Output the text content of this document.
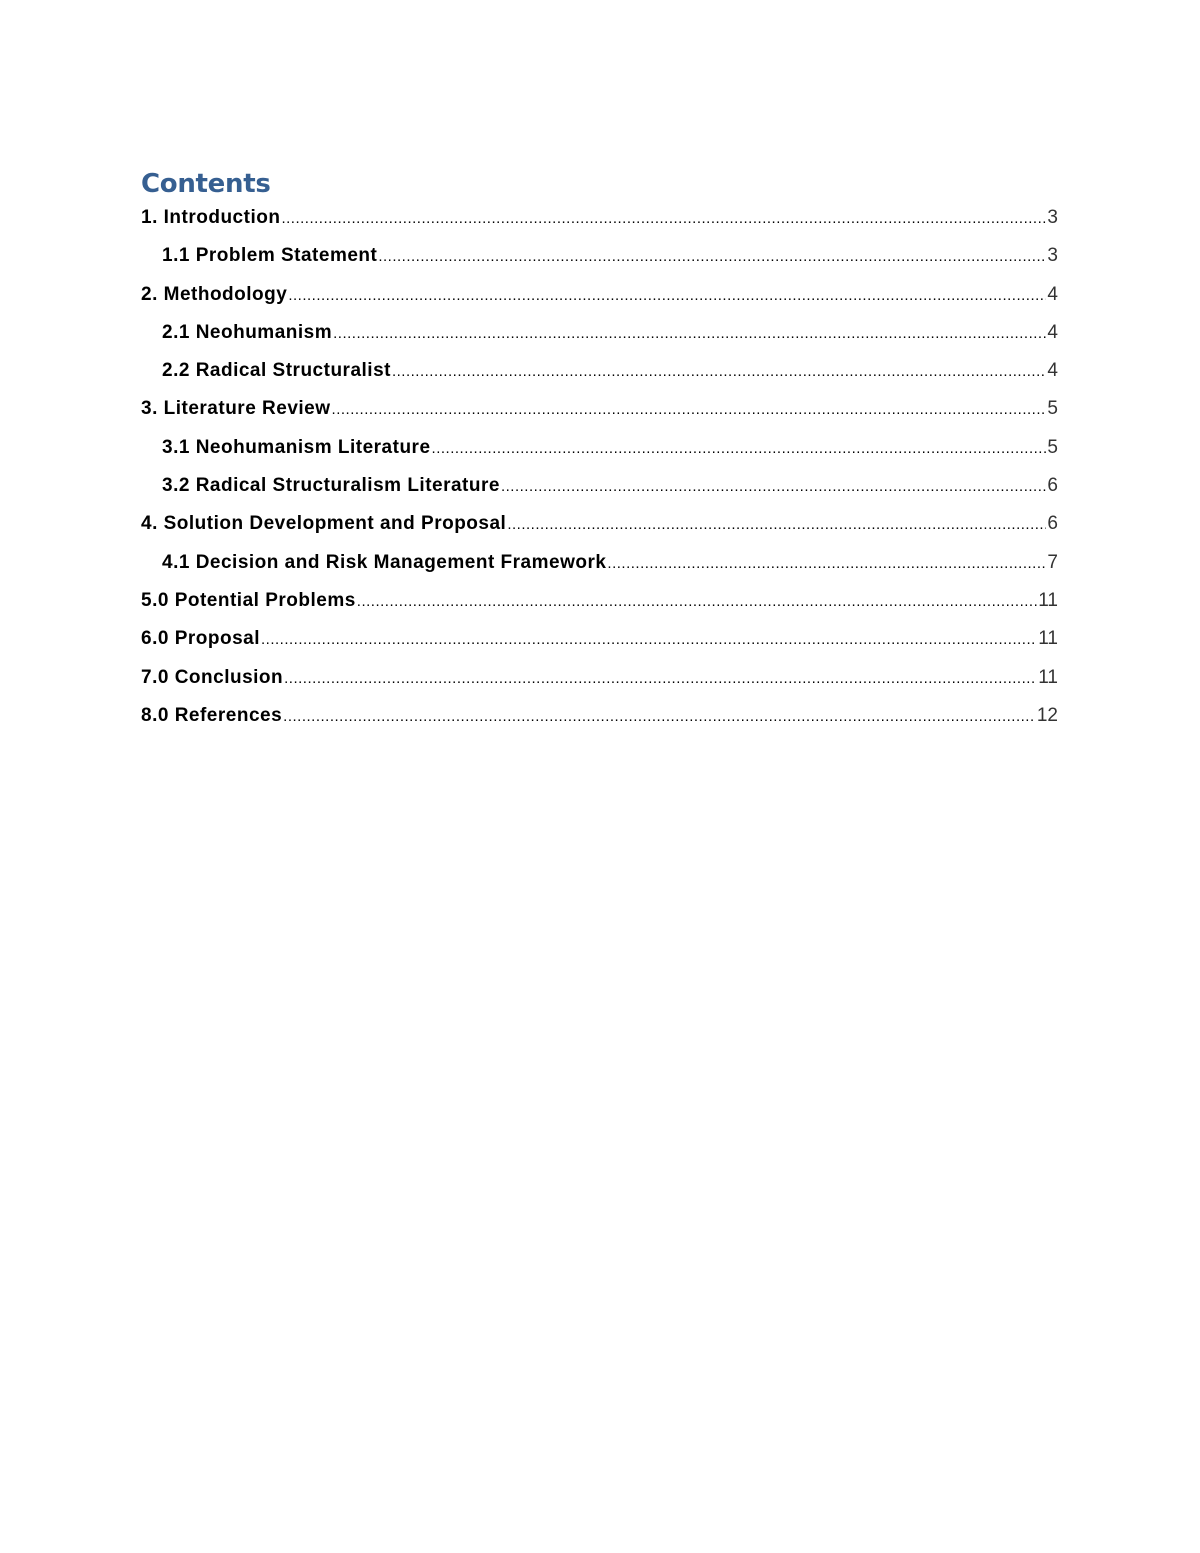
Contents
1. Introduction .....	3
1.1 Problem Statement .....	3
2. Methodology .....	4
2.1 Neohumanism .....	4
2.2 Radical Structuralist .....	4
3. Literature Review .....	5
3.1 Neohumanism Literature .....	5
3.2 Radical Structuralism Literature .....	6
4. Solution Development and Proposal .....	6
4.1 Decision and Risk Management Framework .....	7
5.0 Potential Problems .....	11
6.0 Proposal .....	11
7.0 Conclusion .....	11
8.0 References .....	12
